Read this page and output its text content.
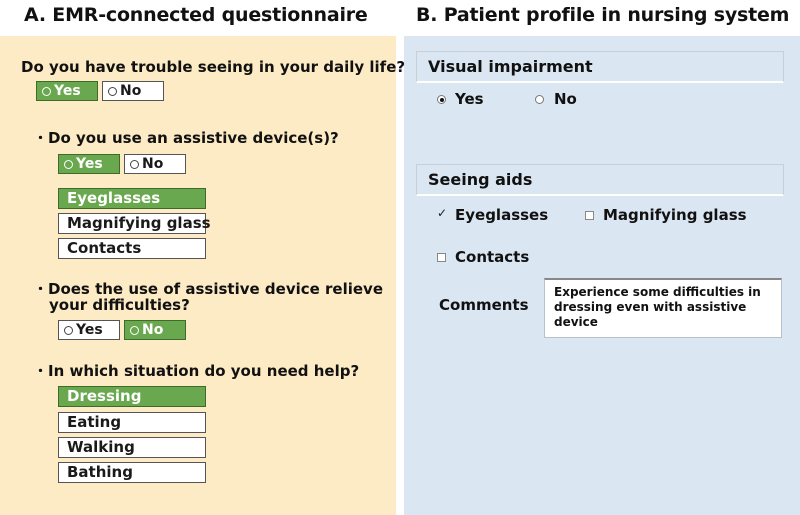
A. EMR-connected questionnaire	B. Patient profile in nursing system
Do you have trouble seeing in your daily life?
Yes	No
・Do you use an assistive device(s)?
Yes	No
Eyeglasses
Magnifying glass
Contacts
・Does the use of assistive device relieve
your difficulties?
Yes	No
・In which situation do you need help?
Dressing
Eating
Walking
Bathing
Visual impairment
Yes	No
Seeing aids
✓ Eyeglasses	Magnifying glass
Contacts
Comments
Experience some difficulties in dressing even with assistive device
